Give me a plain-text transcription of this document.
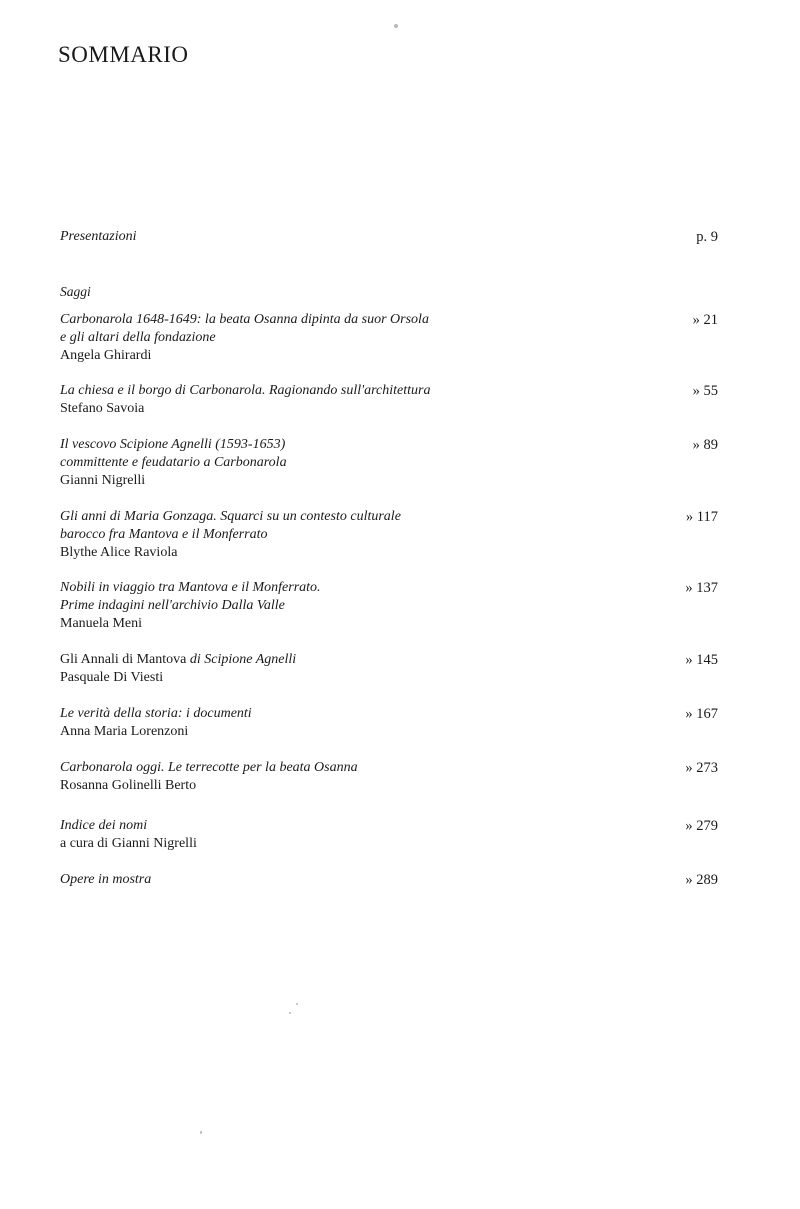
SOMMARIO
Presentazioni	p. 9
Saggi
Carbonarola 1648-1649: la beata Osanna dipinta da suor Orsola
e gli altari della fondazione
Angela Ghirardi
» 21
La chiesa e il borgo di Carbonarola. Ragionando sull'architettura
Stefano Savoia
» 55
Il vescovo Scipione Agnelli (1593-1653)
committente e feudatario a Carbonarola
Gianni Nigrelli
» 89
Gli anni di Maria Gonzaga. Squarci su un contesto culturale
barocco fra Mantova e il Monferrato
Blythe Alice Raviola
» 117
Nobili in viaggio tra Mantova e il Monferrato.
Prime indagini nell'archivio Dalla Valle
Manuela Meni
» 137
Gli Annali di Mantova di Scipione Agnelli
Pasquale Di Viesti
» 145
Le verità della storia: i documenti
Anna Maria Lorenzoni
» 167
Carbonarola oggi. Le terrecotte per la beata Osanna
Rosanna Golinelli Berto
» 273
Indice dei nomi
a cura di Gianni Nigrelli
» 279
Opere in mostra	» 289
